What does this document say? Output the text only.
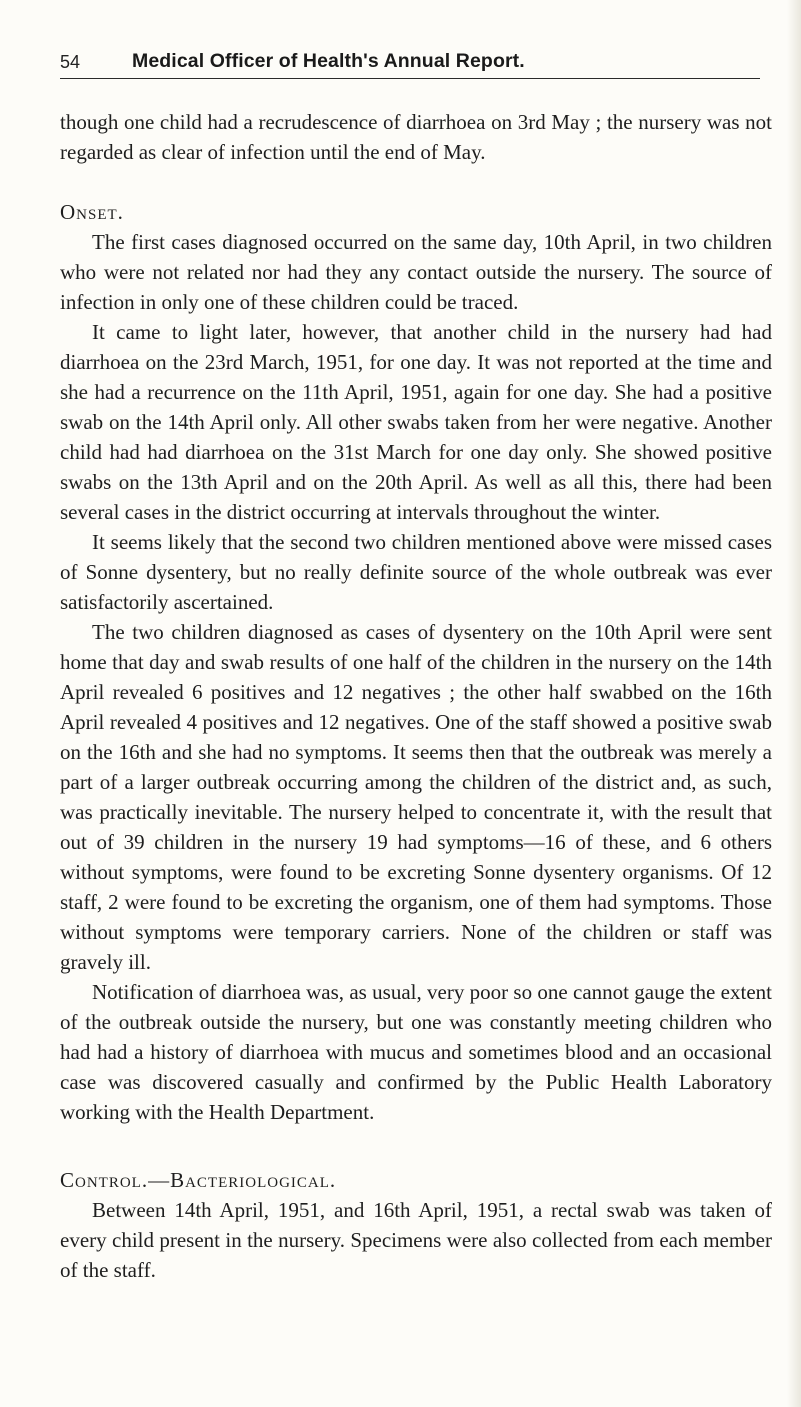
54	Medical Officer of Health's Annual Report.

though one child had a recrudescence of diarrhoea on 3rd May ; the nursery was not regarded as clear of infection until the end of May.

Onset.

The first cases diagnosed occurred on the same day, 10th April, in two children who were not related nor had they any contact outside the nursery. The source of infection in only one of these children could be traced.

It came to light later, however, that another child in the nursery had had diarrhoea on the 23rd March, 1951, for one day. It was not reported at the time and she had a recurrence on the 11th April, 1951, again for one day. She had a positive swab on the 14th April only. All other swabs taken from her were negative. Another child had had diarrhoea on the 31st March for one day only. She showed positive swabs on the 13th April and on the 20th April. As well as all this, there had been several cases in the district occurring at intervals throughout the winter.

It seems likely that the second two children mentioned above were missed cases of Sonne dysentery, but no really definite source of the whole outbreak was ever satisfactorily ascertained.

The two children diagnosed as cases of dysentery on the 10th April were sent home that day and swab results of one half of the children in the nursery on the 14th April revealed 6 positives and 12 negatives ; the other half swabbed on the 16th April revealed 4 positives and 12 negatives. One of the staff showed a positive swab on the 16th and she had no symptoms. It seems then that the outbreak was merely a part of a larger outbreak occurring among the children of the district and, as such, was practically inevitable. The nursery helped to concentrate it, with the result that out of 39 children in the nursery 19 had symptoms—16 of these, and 6 others without symptoms, were found to be excreting Sonne dysentery organisms. Of 12 staff, 2 were found to be excreting the organism, one of them had symptoms. Those without symptoms were temporary carriers. None of the children or staff was gravely ill.

Notification of diarrhoea was, as usual, very poor so one cannot gauge the extent of the outbreak outside the nursery, but one was constantly meeting children who had had a history of diarrhoea with mucus and sometimes blood and an occasional case was discovered casually and confirmed by the Public Health Laboratory working with the Health Department.

Control.—Bacteriological.

Between 14th April, 1951, and 16th April, 1951, a rectal swab was taken of every child present in the nursery. Specimens were also collected from each member of the staff.
